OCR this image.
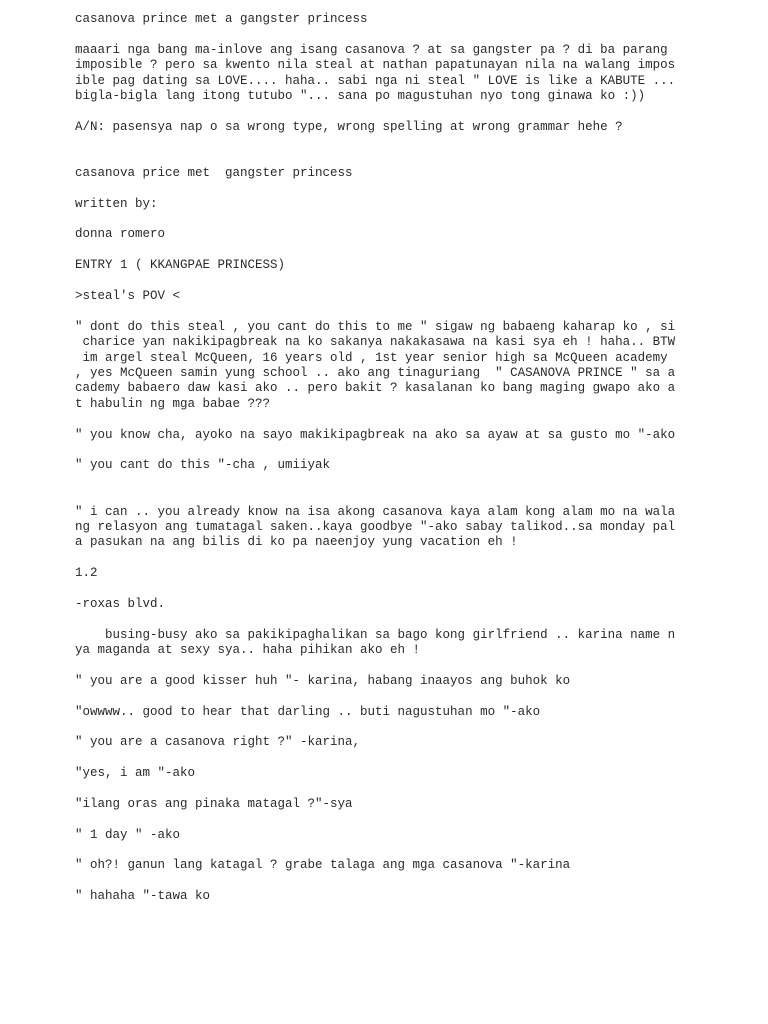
casanova prince met a gangster princess
maaari nga bang ma-inlove ang isang casanova ? at sa gangster pa ? di ba parang
imposible ? pero sa kwento nila steal at nathan papatunayan nila na walang impos
ible pag dating sa LOVE.... haha.. sabi nga ni steal " LOVE is like a KABUTE ...
bigla-bigla lang itong tutubo "... sana po magustuhan nyo tong ginawa ko :))
A/N: pasensya nap o sa wrong type, wrong spelling at wrong grammar hehe ?
casanova price met  gangster princess
written by:
donna romero
ENTRY 1 ( KKANGPAE PRINCESS)
>steal's POV <
" dont do this steal , you cant do this to me " sigaw ng babaeng kaharap ko , si
charice yan nakikipagbreak na ko sakanya nakakasawa na kasi sya eh ! haha.. BTW
im argel steal McQueen, 16 years old , 1st year senior high sa McQueen academy
, yes McQueen samin yung school .. ako ang tinaguriang  " CASANOVA PRINCE " sa a
cademy babaero daw kasi ako .. pero bakit ? kasalanan ko bang maging gwapo ako a
t habulin ng mga babae ???
" you know cha, ayoko na sayo makikipagbreak na ako sa ayaw at sa gusto mo "-ako
" you cant do this "-cha , umiiyak
" i can .. you already know na isa akong casanova kaya alam kong alam mo na wala
ng relasyon ang tumatagal saken..kaya goodbye "-ako sabay talikod..sa monday pal
a pasukan na ang bilis di ko pa naeenjoy yung vacation eh !
1.2
-roxas blvd.
busing-busy ako sa pakikipaghalikan sa bago kong girlfriend .. karina name n
ya maganda at sexy sya.. haha pihikan ako eh !
" you are a good kisser huh "- karina, habang inaayos ang buhok ko
"owwww.. good to hear that darling .. buti nagustuhan mo "-ako
" you are a casanova right ?" -karina,
"yes, i am "-ako
"ilang oras ang pinaka matagal ?"-sya
" 1 day " -ako
" oh?! ganun lang katagal ? grabe talaga ang mga casanova "-karina
" hahaha "-tawa ko
